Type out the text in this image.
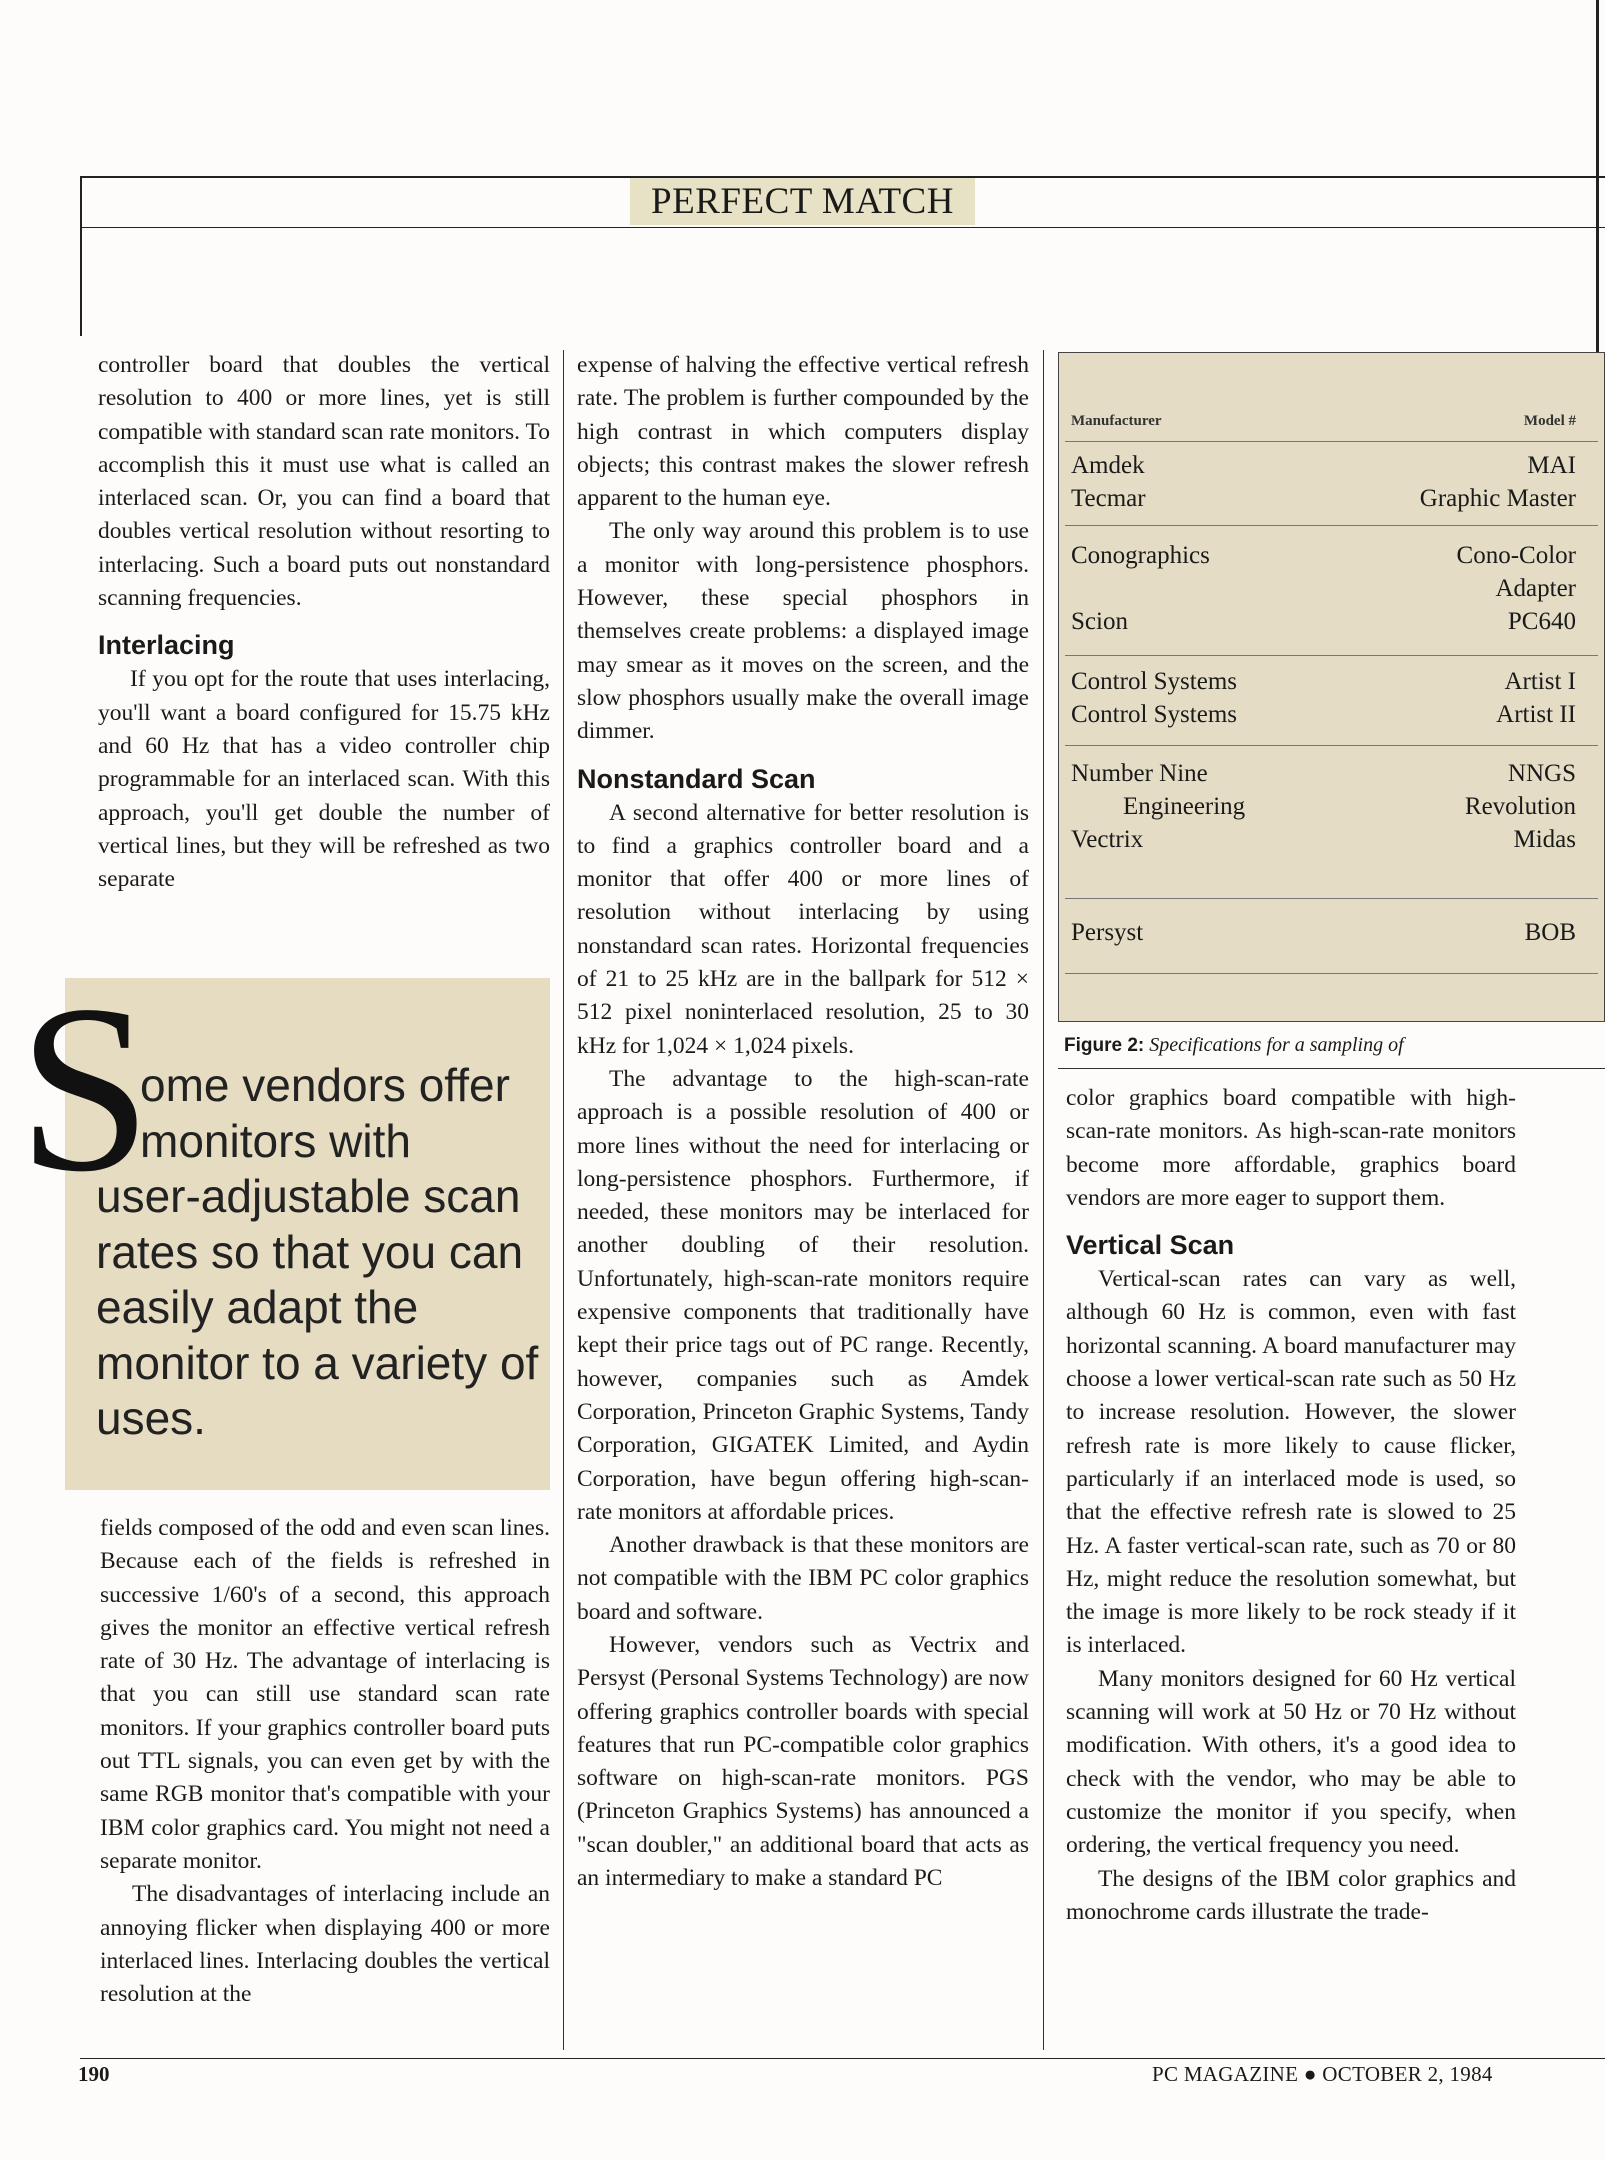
PERFECT MATCH

controller board that doubles the vertical resolution to 400 or more lines, yet is still compatible with standard scan rate monitors. To accomplish this it must use what is called an interlaced scan. Or, you can find a board that doubles vertical resolution without resorting to interlacing. Such a board puts out nonstandard scanning frequencies.

Interlacing

If you opt for the route that uses interlacing, you'll want a board configured for 15.75 kHz and 60 Hz that has a video controller chip programmable for an interlaced scan. With this approach, you'll get double the number of vertical lines, but they will be refreshed as two separate

S
ome vendors offer
monitors with
user-adjustable scan rates so that you can easily adapt the monitor to a variety of uses.

fields composed of the odd and even scan lines. Because each of the fields is refreshed in successive 1/60's of a second, this approach gives the monitor an effective vertical refresh rate of 30 Hz. The advantage of interlacing is that you can still use standard scan rate monitors. If your graphics controller board puts out TTL signals, you can even get by with the same RGB monitor that's compatible with your IBM color graphics card. You might not need a separate monitor.

The disadvantages of interlacing include an annoying flicker when displaying 400 or more interlaced lines. Interlacing doubles the vertical resolution at the

expense of halving the effective vertical refresh rate. The problem is further compounded by the high contrast in which computers display objects; this contrast makes the slower refresh apparent to the human eye.

The only way around this problem is to use a monitor with long-persistence phosphors. However, these special phosphors in themselves create problems: a displayed image may smear as it moves on the screen, and the slow phosphors usually make the overall image dimmer.

Nonstandard Scan

A second alternative for better resolution is to find a graphics controller board and a monitor that offer 400 or more lines of resolution without interlacing by using nonstandard scan rates. Horizontal frequencies of 21 to 25 kHz are in the ballpark for 512 × 512 pixel noninterlaced resolution, 25 to 30 kHz for 1,024 × 1,024 pixels.

The advantage to the high-scan-rate approach is a possible resolution of 400 or more lines without the need for interlacing or long-persistence phosphors. Furthermore, if needed, these monitors may be interlaced for another doubling of their resolution. Unfortunately, high-scan-rate monitors require expensive components that traditionally have kept their price tags out of PC range. Recently, however, companies such as Amdek Corporation, Princeton Graphic Systems, Tandy Corporation, GIGATEK Limited, and Aydin Corporation, have begun offering high-scan-rate monitors at affordable prices.

Another drawback is that these monitors are not compatible with the IBM PC color graphics board and software.

However, vendors such as Vectrix and Persyst (Personal Systems Technology) are now offering graphics controller boards with special features that run PC-compatible color graphics software on high-scan-rate monitors. PGS (Princeton Graphics Systems) has announced a "scan doubler," an additional board that acts as an intermediary to make a standard PC

Manufacturer	Model #
Amdek	MAI
Tecmar	Graphic Master
Conographics	Cono-Color
Adapter
Scion	PC640
Control Systems	Artist I
Control Systems	Artist II
Number Nine	NNGS
Engineering	Revolution
Vectrix	Midas
Persyst	BOB
Figure 2: Specifications for a sampling of

color graphics board compatible with high-scan-rate monitors. As high-scan-rate monitors become more affordable, graphics board vendors are more eager to support them.

Vertical Scan

Vertical-scan rates can vary as well, although 60 Hz is common, even with fast horizontal scanning. A board manufacturer may choose a lower vertical-scan rate such as 50 Hz to increase resolution. However, the slower refresh rate is more likely to cause flicker, particularly if an interlaced mode is used, so that the effective refresh rate is slowed to 25 Hz. A faster vertical-scan rate, such as 70 or 80 Hz, might reduce the resolution somewhat, but the image is more likely to be rock steady if it is interlaced.

Many monitors designed for 60 Hz vertical scanning will work at 50 Hz or 70 Hz without modification. With others, it's a good idea to check with the vendor, who may be able to customize the monitor if you specify, when ordering, the vertical frequency you need.

The designs of the IBM color graphics and monochrome cards illustrate the trade-

190	PC MAGAZINE ● OCTOBER 2, 1984
